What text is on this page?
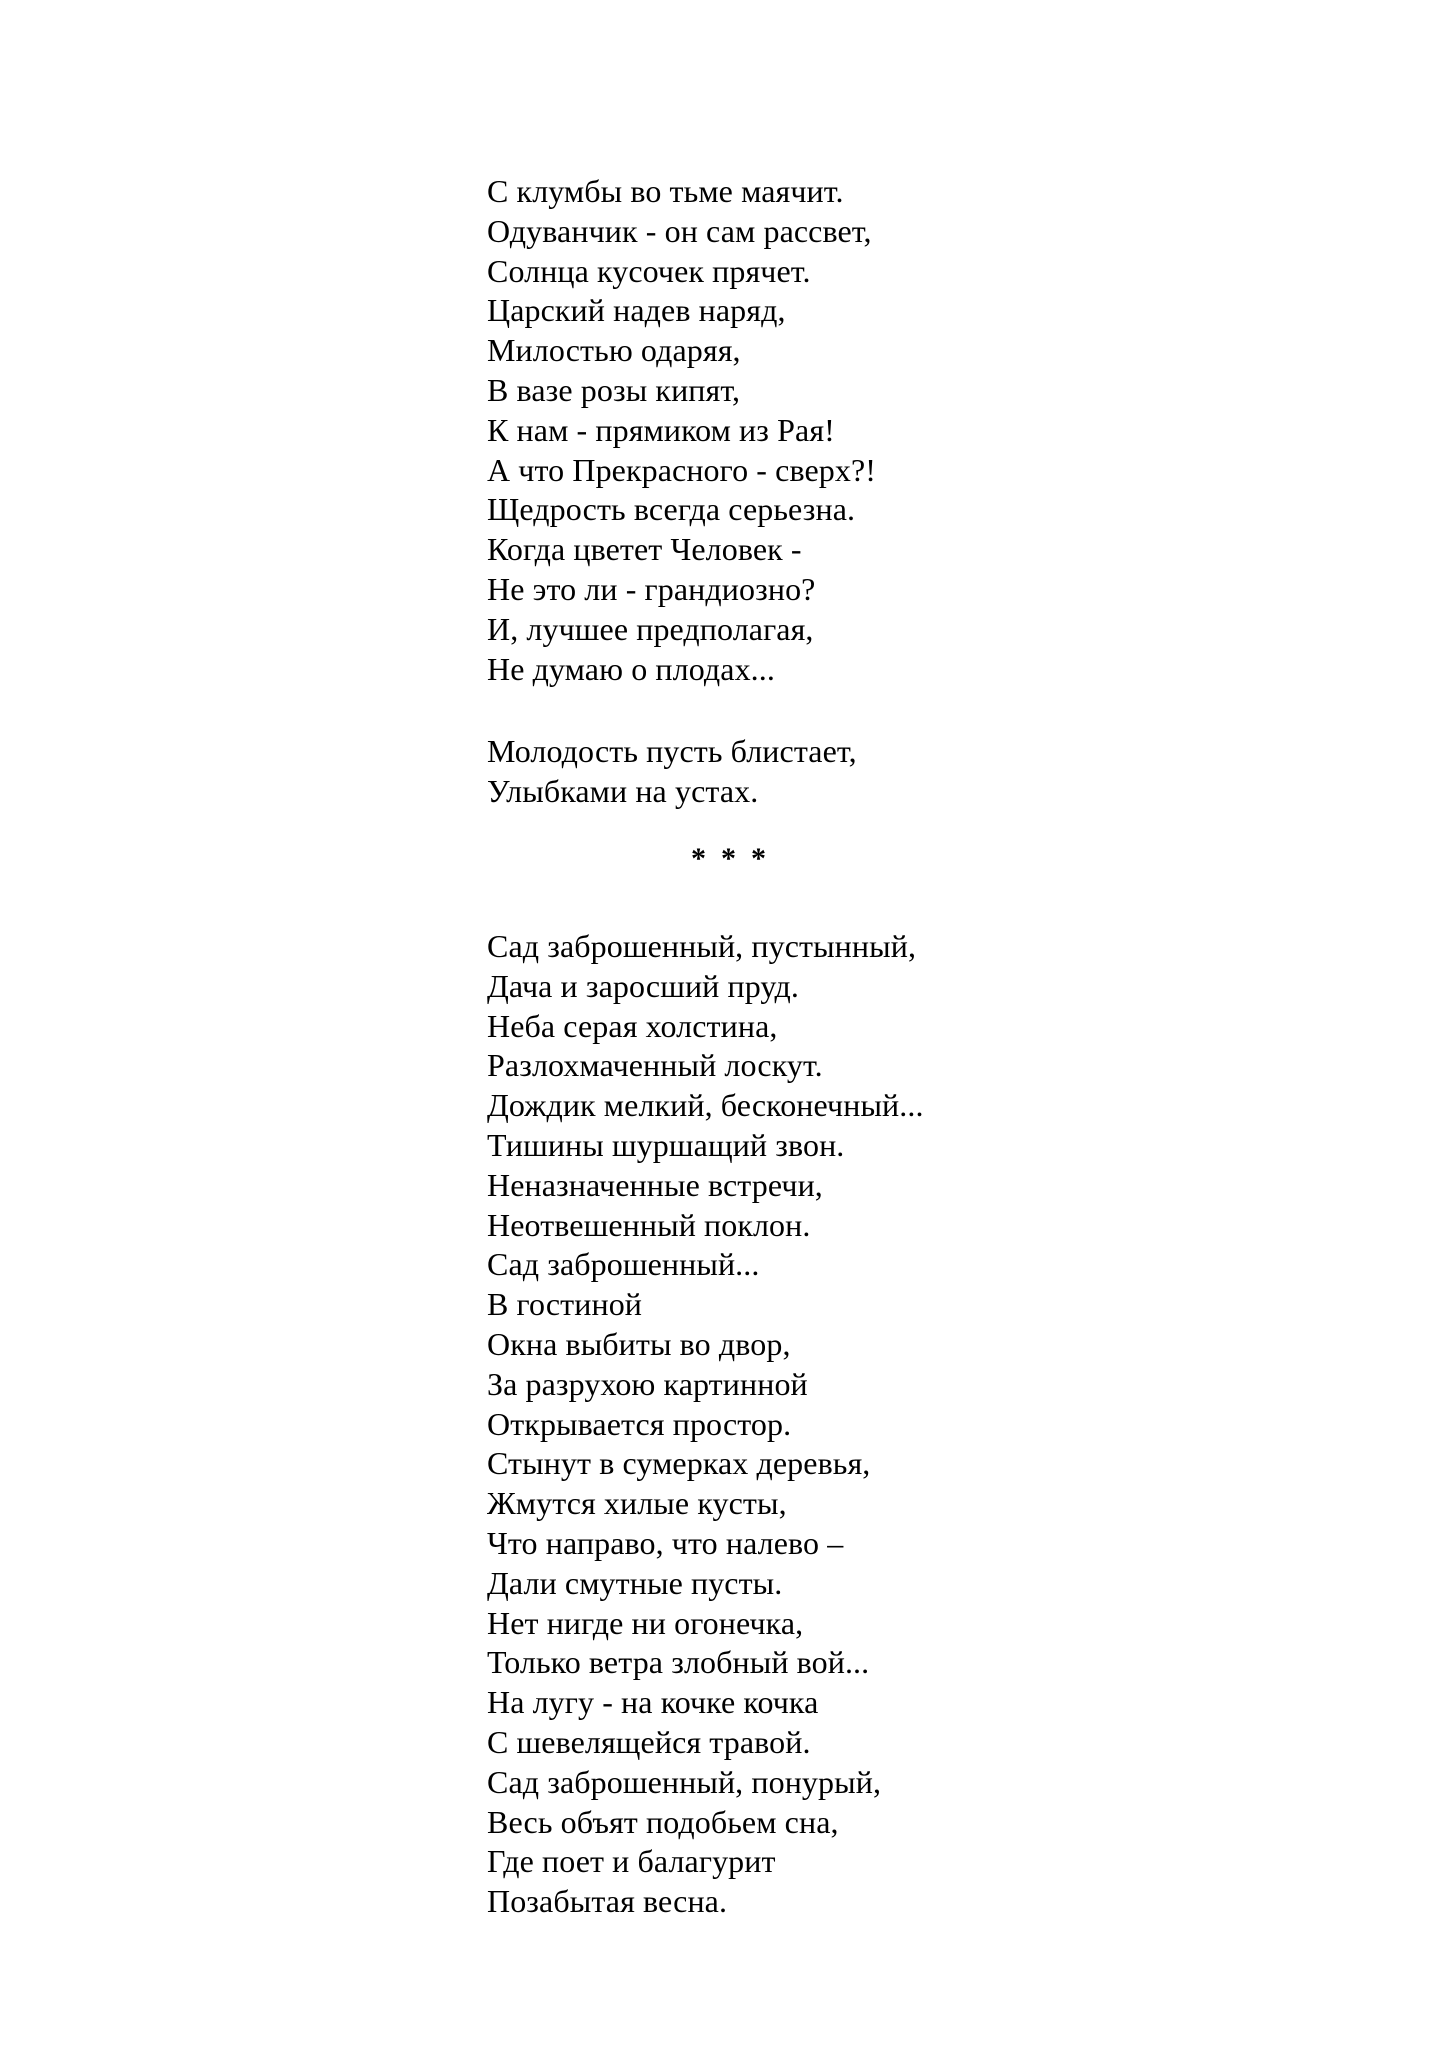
С клумбы во тьме маячит.
Одуванчик - он сам рассвет,
Солнца кусочек прячет.
Царский надев наряд,
Милостью одаряя,
В вазе розы кипят,
К нам - прямиком из Рая!
А что Прекрасного - сверх?!
Щедрость всегда серьезна.
Когда цветет Человек -
Не это ли - грандиозно?
И, лучшее предполагая,
Не думаю о плодах...
Молодость пусть блистает,
Улыбками на устах.
*  *  *
Сад заброшенный, пустынный,
Дача и заросший пруд.
Неба серая холстина,
Разлохмаченный лоскут.
Дождик мелкий, бесконечный...
Тишины шуршащий звон.
Неназначенные встречи,
Неотвешенный поклон.
Сад заброшенный...
В гостиной
Окна выбиты во двор,
За разрухою картинной
Открывается простор.
Стынут в сумерках деревья,
Жмутся хилые кусты,
Что направо, что налево –
Дали смутные пусты.
Нет нигде ни огонечка,
Только ветра злобный вой...
На лугу - на кочке кочка
С шевелящейся травой.
Сад заброшенный, понурый,
Весь объят подобьем сна,
Где поет и балагурит
Позабытая весна.
